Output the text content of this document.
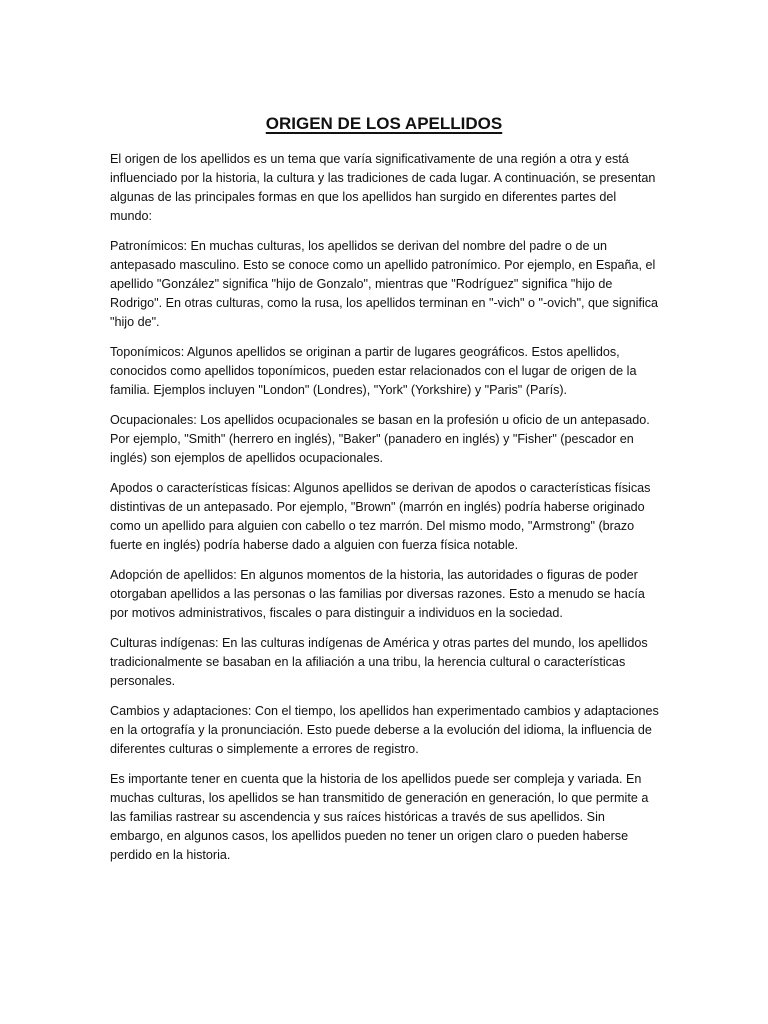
ORIGEN DE LOS APELLIDOS

El origen de los apellidos es un tema que varía significativamente de una región a otra y está influenciado por la historia, la cultura y las tradiciones de cada lugar. A continuación, se presentan algunas de las principales formas en que los apellidos han surgido en diferentes partes del mundo:

Patronímicos: En muchas culturas, los apellidos se derivan del nombre del padre o de un antepasado masculino. Esto se conoce como un apellido patronímico. Por ejemplo, en España, el apellido "González" significa "hijo de Gonzalo", mientras que "Rodríguez" significa "hijo de Rodrigo". En otras culturas, como la rusa, los apellidos terminan en "-vich" o "-ovich", que significa "hijo de".

Toponímicos: Algunos apellidos se originan a partir de lugares geográficos. Estos apellidos, conocidos como apellidos toponímicos, pueden estar relacionados con el lugar de origen de la familia. Ejemplos incluyen "London" (Londres), "York" (Yorkshire) y "Paris" (París).

Ocupacionales: Los apellidos ocupacionales se basan en la profesión u oficio de un antepasado. Por ejemplo, "Smith" (herrero en inglés), "Baker" (panadero en inglés) y "Fisher" (pescador en inglés) son ejemplos de apellidos ocupacionales.

Apodos o características físicas: Algunos apellidos se derivan de apodos o características físicas distintivas de un antepasado. Por ejemplo, "Brown" (marrón en inglés) podría haberse originado como un apellido para alguien con cabello o tez marrón. Del mismo modo, "Armstrong" (brazo fuerte en inglés) podría haberse dado a alguien con fuerza física notable.

Adopción de apellidos: En algunos momentos de la historia, las autoridades o figuras de poder otorgaban apellidos a las personas o las familias por diversas razones. Esto a menudo se hacía por motivos administrativos, fiscales o para distinguir a individuos en la sociedad.

Culturas indígenas: En las culturas indígenas de América y otras partes del mundo, los apellidos tradicionalmente se basaban en la afiliación a una tribu, la herencia cultural o características personales.

Cambios y adaptaciones: Con el tiempo, los apellidos han experimentado cambios y adaptaciones en la ortografía y la pronunciación. Esto puede deberse a la evolución del idioma, la influencia de diferentes culturas o simplemente a errores de registro.

Es importante tener en cuenta que la historia de los apellidos puede ser compleja y variada. En muchas culturas, los apellidos se han transmitido de generación en generación, lo que permite a las familias rastrear su ascendencia y sus raíces históricas a través de sus apellidos. Sin embargo, en algunos casos, los apellidos pueden no tener un origen claro o pueden haberse perdido en la historia.
